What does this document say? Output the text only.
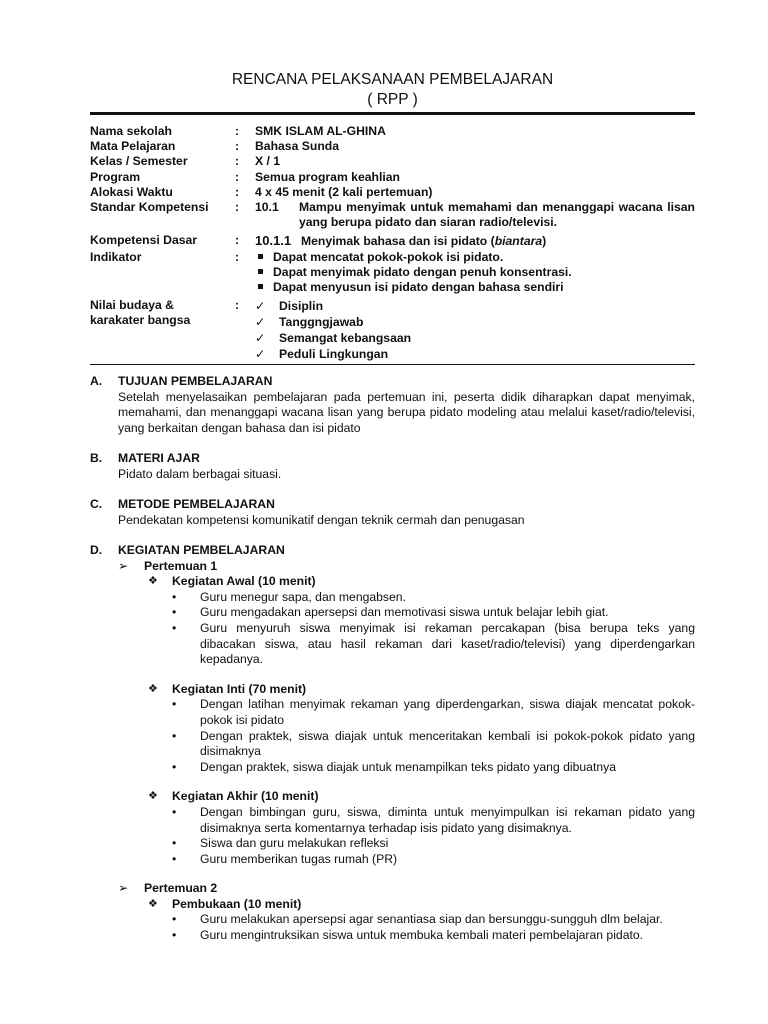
RENCANA PELAKSANAAN PEMBELAJARAN
( RPP )
Nama sekolah	:	SMK ISLAM AL-GHINA
Mata Pelajaran	:	Bahasa Sunda
Kelas / Semester	:	X / 1
Program	:	Semua program keahlian
Alokasi Waktu	:	4 x 45 menit (2 kali pertemuan)
Standar Kompetensi	:	10.1	Mampu menyimak untuk memahami dan menanggapi wacana lisan yang berupa pidato dan siaran radio/televisi.
Kompetensi Dasar	:	10.1.1 Menyimak bahasa dan isi pidato (biantara)
Indikator	:	Dapat mencatat pokok-pokok isi pidato.
Dapat menyimak pidato dengan penuh konsentrasi.
Dapat menyusun isi pidato dengan bahasa sendiri
Nilai budaya &
karakater bangsa
:	✓ Disiplin
✓ Tanggngjawab
✓ Semangat kebangsaan
✓ Peduli Lingkungan
A.	TUJUAN PEMBELAJARAN
Setelah menyelasaikan pembelajaran pada pertemuan ini, peserta didik diharapkan dapat menyimak, memahami, dan menanggapi wacana lisan yang berupa pidato modeling atau melalui kaset/radio/televisi, yang berkaitan dengan bahasa dan isi pidato
B.	MATERI AJAR
Pidato dalam berbagai situasi.
C.	METODE PEMBELAJARAN
Pendekatan kompetensi komunikatif dengan teknik cermah dan penugasan
D.	KEGIATAN PEMBELAJARAN
➢	Pertemuan 1
❖	Kegiatan Awal (10 menit)
•	Guru menegur sapa, dan mengabsen.
•	Guru mengadakan apersepsi dan memotivasi siswa untuk belajar lebih giat.
•	Guru menyuruh siswa menyimak isi rekaman percakapan (bisa berupa teks yang dibacakan siswa, atau hasil rekaman dari kaset/radio/televisi) yang diperdengarkan kepadanya.
❖	Kegiatan Inti (70 menit)
•	Dengan latihan menyimak rekaman yang diperdengarkan, siswa diajak mencatat pokok-pokok isi pidato
•	Dengan praktek, siswa diajak untuk menceritakan kembali isi pokok-pokok pidato yang disimaknya
•	Dengan praktek, siswa diajak untuk menampilkan teks pidato yang dibuatnya
❖	Kegiatan Akhir (10 menit)
•	Dengan bimbingan guru, siswa, diminta untuk menyimpulkan isi rekaman pidato yang disimaknya serta komentarnya terhadap isis pidato yang disimaknya.
•	Siswa dan guru melakukan refleksi
•	Guru memberikan tugas rumah (PR)
➢	Pertemuan 2
❖	Pembukaan (10 menit)
•	Guru melakukan apersepsi agar senantiasa siap dan bersunggu-sungguh dlm belajar.
•	Guru mengintruksikan siswa untuk membuka kembali materi pembelajaran pidato.
